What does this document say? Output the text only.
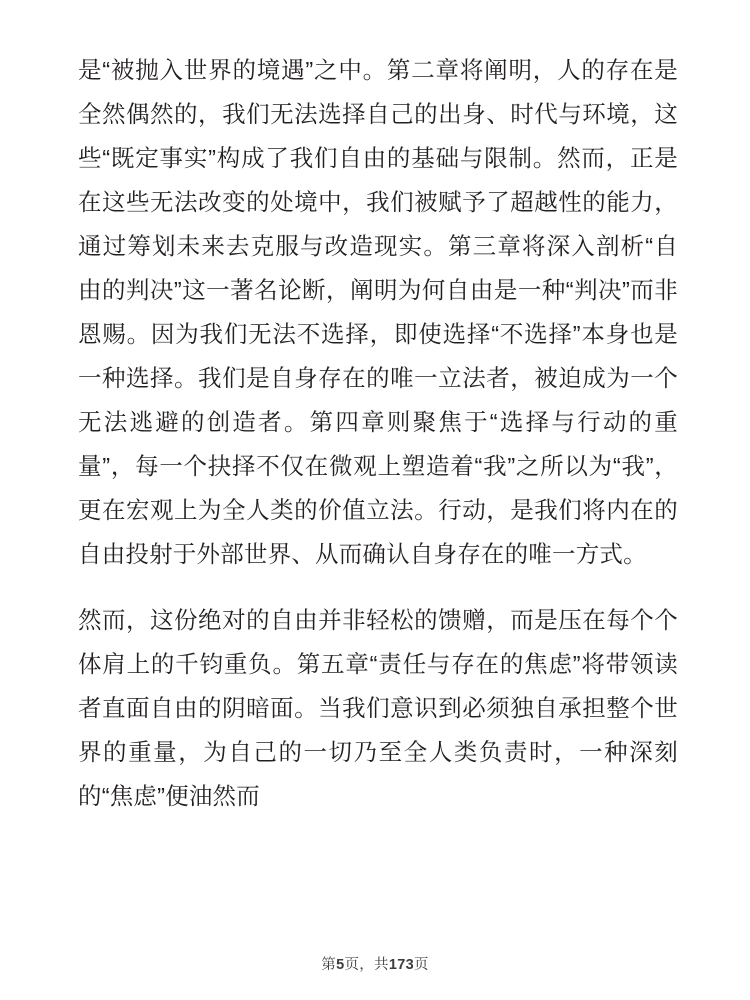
是“被抛入世界的境遇”之中。第二章将阐明，人的存在是全然偶然的，我们无法选择自己的出身、时代与环境，这些“既定事实”构成了我们自由的基础与限制。然而，正是在这些无法改变的处境中，我们被赋予了超越性的能力，通过筹划未来去克服与改造现实。第三章将深入剖析“自由的判决”这一著名论断，阐明为何自由是一种“判决”而非恩赐。因为我们无法不选择，即使选择“不选择”本身也是一种选择。我们是自身存在的唯一立法者，被迫成为一个无法逃避的创造者。第四章则聚焦于“选择与行动的重量”，每一个抉择不仅在微观上塑造着“我”之所以为“我”，更在宏观上为全人类的价值立法。行动，是我们将内在的自由投射于外部世界、从而确认自身存在的唯一方式。

然而，这份绝对的自由并非轻松的馈赠，而是压在每个个体肩上的千钧重负。第五章“责任与存在的焦虑”将带领读者直面自由的阴暗面。当我们意识到必须独自承担整个世界的重量，为自己的一切乃至全人类负责时，一种深刻的“焦虑”便油然而

第5页，共173页
